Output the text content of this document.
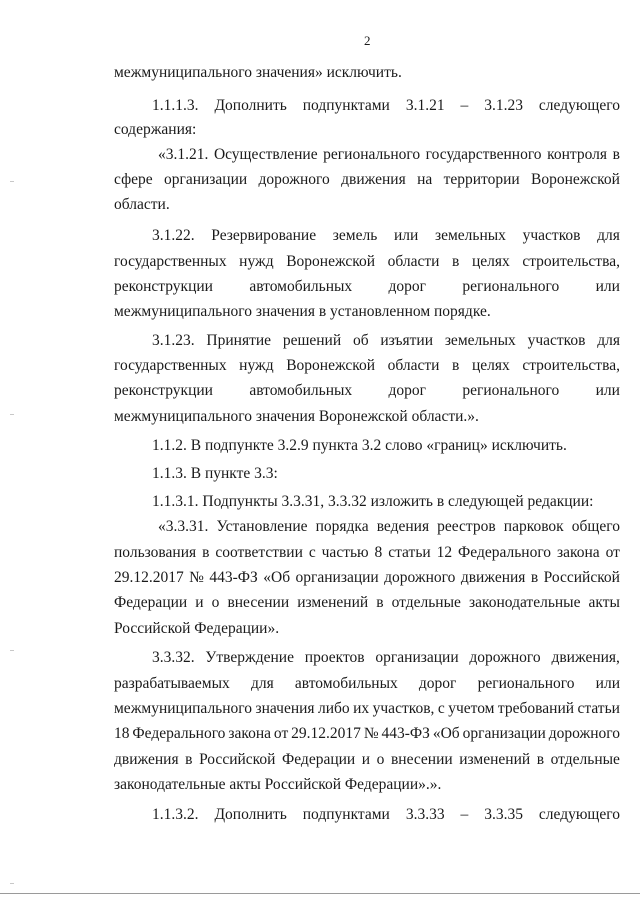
2
межмуниципального значения» исключить.
1.1.1.3. Дополнить подпунктами 3.1.21 – 3.1.23 следующего
содержания:
«3.1.21. Осуществление регионального государственного контроля в
сфере организации дорожного движения на территории Воронежской
области.
3.1.22. Резервирование земель или земельных участков для
государственных нужд Воронежской области в целях строительства,
реконструкции автомобильных дорог регионального или
межмуниципального значения в установленном порядке.
3.1.23. Принятие решений об изъятии земельных участков для
государственных нужд Воронежской области в целях строительства,
реконструкции автомобильных дорог регионального или
межмуниципального значения Воронежской области.».
1.1.2. В подпункте 3.2.9 пункта 3.2 слово «границ» исключить.
1.1.3. В пункте 3.3:
1.1.3.1. Подпункты 3.3.31, 3.3.32 изложить в следующей редакции:
«3.3.31. Установление порядка ведения реестров парковок общего
пользования в соответствии с частью 8 статьи 12 Федерального закона от
29.12.2017 № 443-ФЗ «Об организации дорожного движения в Российской
Федерации и о внесении изменений в отдельные законодательные акты
Российской Федерации».
3.3.32. Утверждение проектов организации дорожного движения,
разрабатываемых для автомобильных дорог регионального или
межмуниципального значения либо их участков, с учетом требований статьи
18 Федерального закона от 29.12.2017 № 443-ФЗ «Об организации дорожного
движения в Российской Федерации и о внесении изменений в отдельные
законодательные акты Российской Федерации».».
1.1.3.2. Дополнить подпунктами 3.3.33 – 3.3.35 следующего
